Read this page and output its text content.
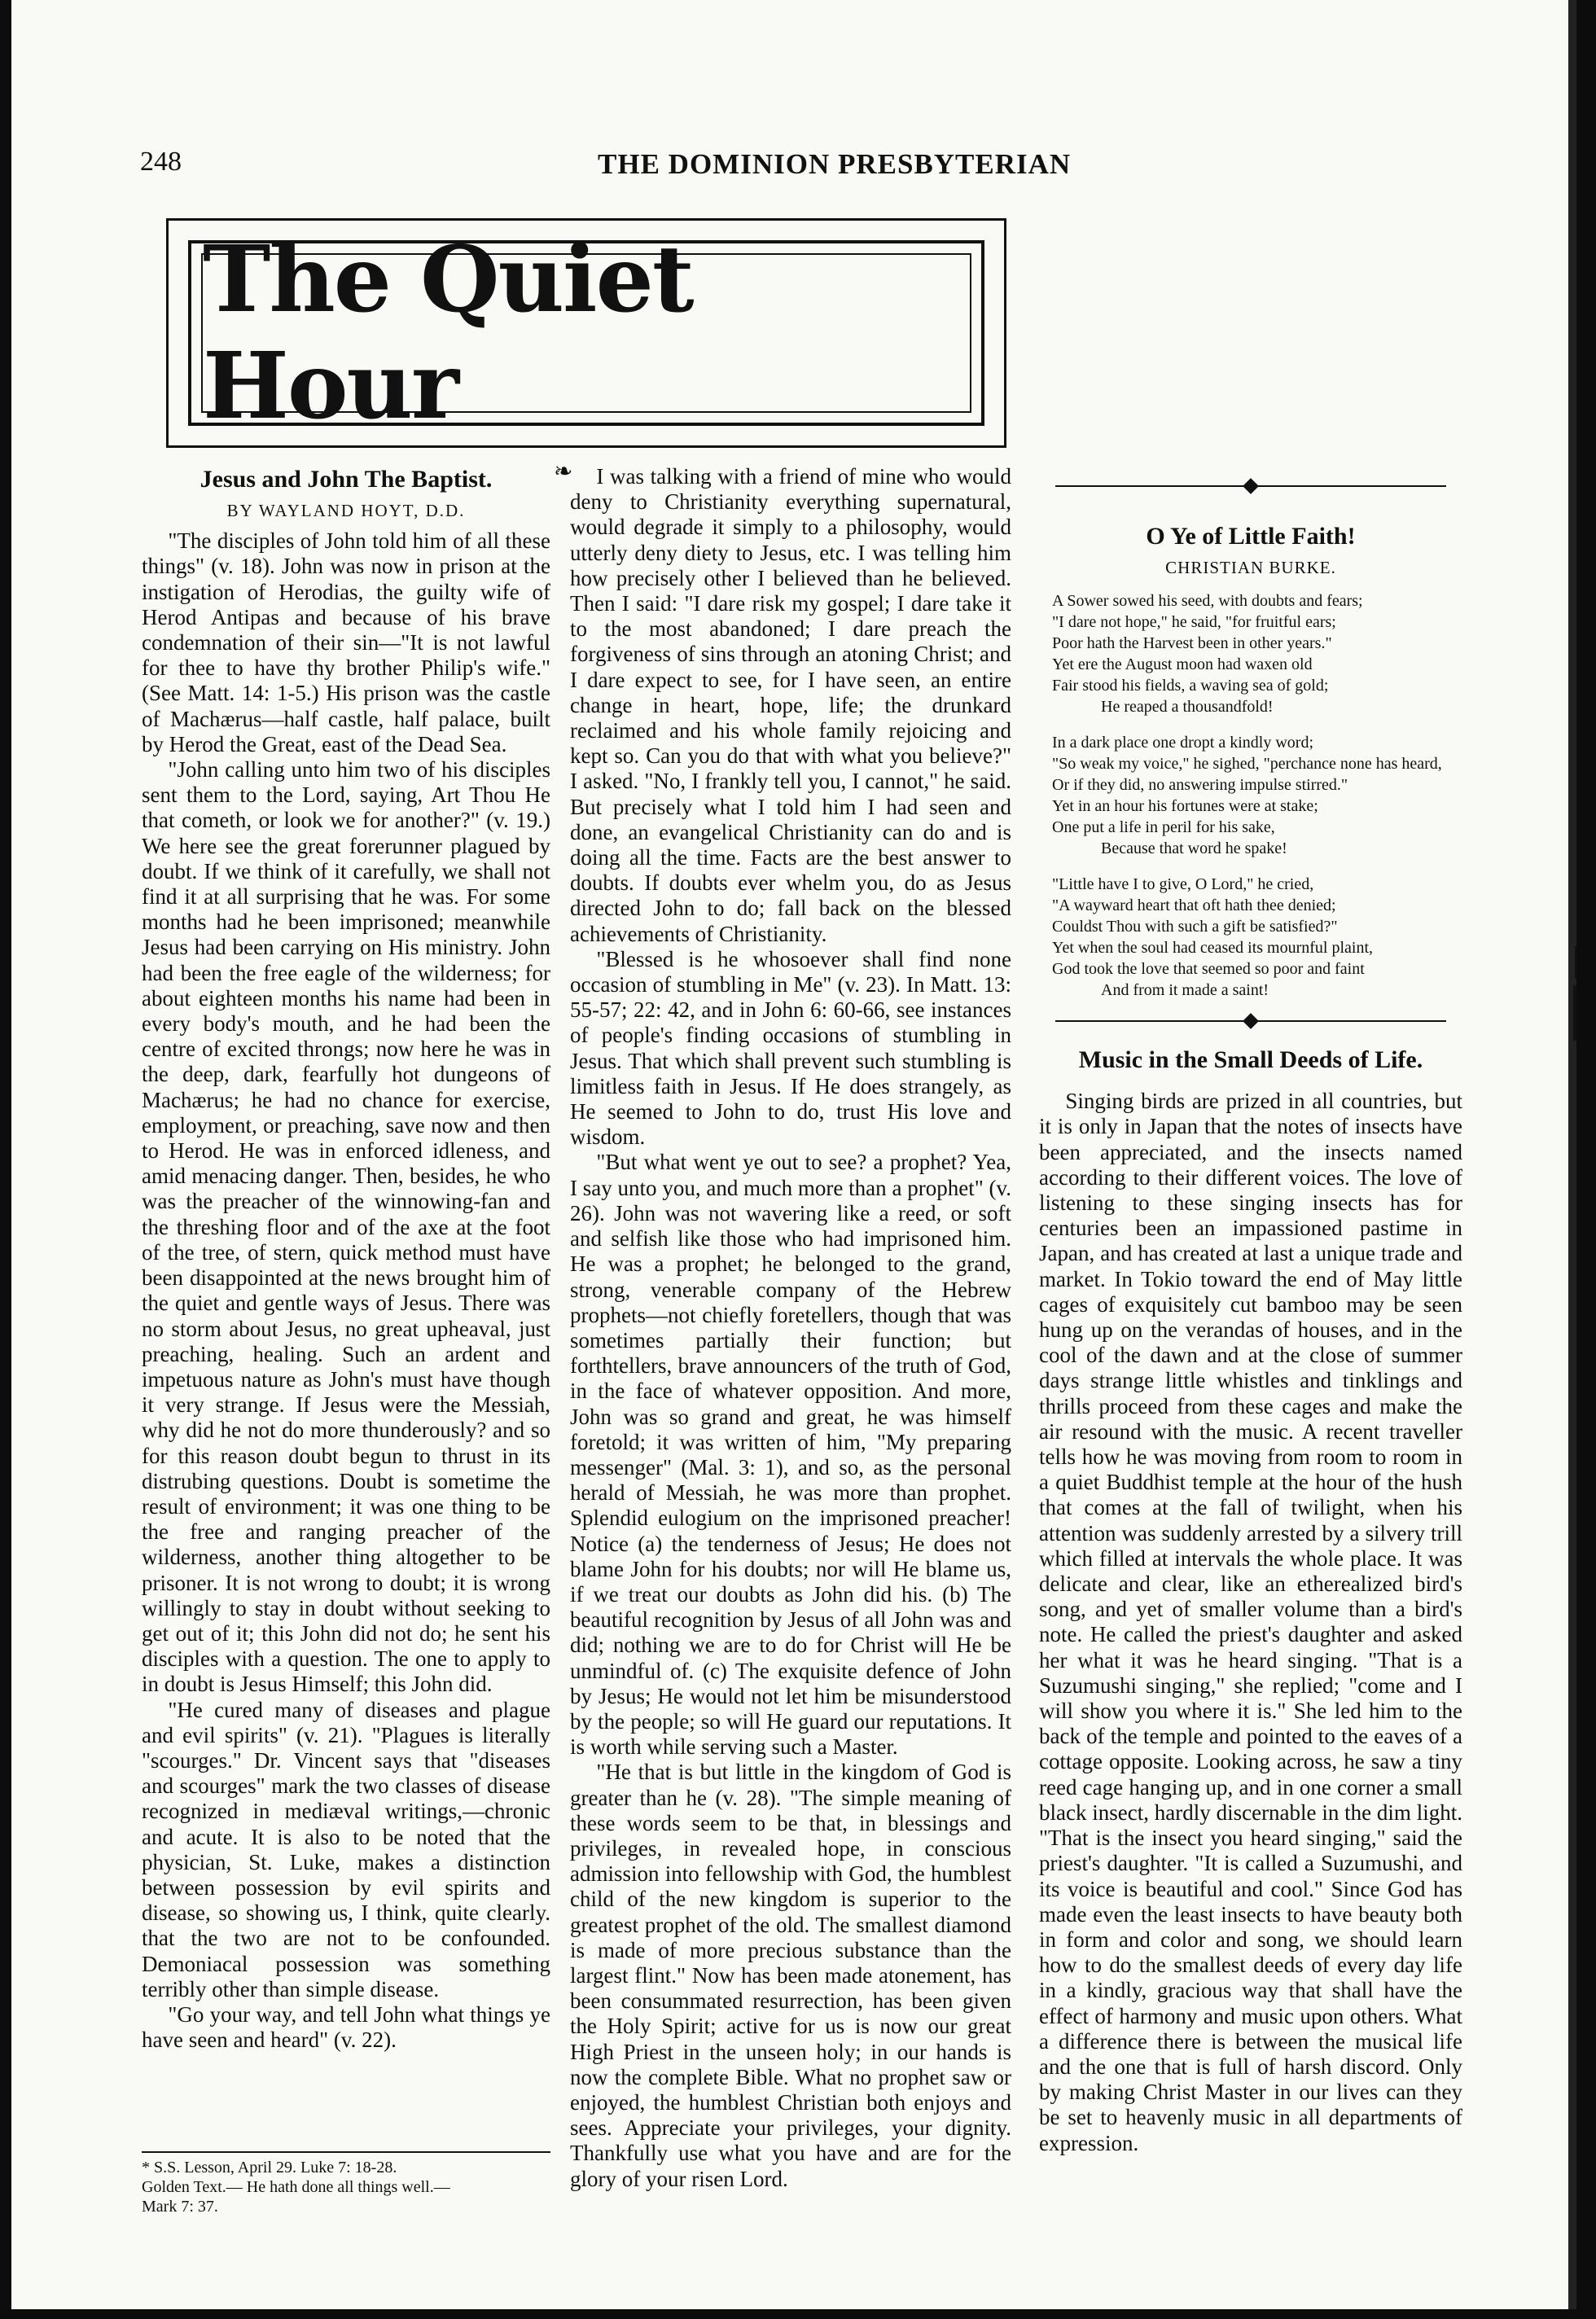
248	THE DOMINION PRESBYTERIAN
The Quiet Hour
❧
Jesus and John The Baptist.
BY WAYLAND HOYT, D.D.

"The disciples of John told him of all these things" (v. 18). John was now in prison at the instigation of Herodias, the guilty wife of Herod Antipas and because of his brave condemnation of their sin—"It is not lawful for thee to have thy brother Philip's wife." (See Matt. 14: 1-5.) His prison was the castle of Machærus—half castle, half palace, built by Herod the Great, east of the Dead Sea.

"John calling unto him two of his disciples sent them to the Lord, saying, Art Thou He that cometh, or look we for another?" (v. 19.) We here see the great forerunner plagued by doubt. If we think of it carefully, we shall not find it at all surprising that he was. For some months had he been imprisoned; meanwhile Jesus had been carrying on His ministry. John had been the free eagle of the wilderness; for about eighteen months his name had been in every body's mouth, and he had been the centre of excited throngs; now here he was in the deep, dark, fearfully hot dungeons of Machærus; he had no chance for exercise, employment, or preaching, save now and then to Herod. He was in enforced idleness, and amid menacing danger. Then, besides, he who was the preacher of the winnowing-fan and the threshing floor and of the axe at the foot of the tree, of stern, quick method must have been disappointed at the news brought him of the quiet and gentle ways of Jesus. There was no storm about Jesus, no great upheaval, just preaching, healing. Such an ardent and impetuous nature as John's must have though it very strange. If Jesus were the Messiah, why did he not do more thunderously? and so for this reason doubt begun to thrust in its distrubing questions. Doubt is sometime the result of environment; it was one thing to be the free and ranging preacher of the wilderness, another thing altogether to be prisoner. It is not wrong to doubt; it is wrong willingly to stay in doubt without seeking to get out of it; this John did not do; he sent his disciples with a question. The one to apply to in doubt is Jesus Himself; this John did.

"He cured many of diseases and plague and evil spirits" (v. 21). "Plagues is literally "scourges." Dr. Vincent says that "diseases and scourges" mark the two classes of disease recognized in mediæval writings,—chronic and acute. It is also to be noted that the physician, St. Luke, makes a distinction between possession by evil spirits and disease, so showing us, I think, quite clearly. that the two are not to be confounded. Demoniacal possession was something terribly other than simple disease.

"Go your way, and tell John what things ye have seen and heard" (v. 22).

* S.S. Lesson, April 29. Luke 7: 18-28.
Golden Text.— He hath done all things well.—
Mark 7: 37.

I was talking with a friend of mine who would deny to Christianity everything supernatural, would degrade it simply to a philosophy, would utterly deny diety to Jesus, etc. I was telling him how precisely other I believed than he believed. Then I said: "I dare risk my gospel; I dare take it to the most abandoned; I dare preach the forgiveness of sins through an atoning Christ; and I dare expect to see, for I have seen, an entire change in heart, hope, life; the drunkard reclaimed and his whole family rejoicing and kept so. Can you do that with what you believe?" I asked. "No, I frankly tell you, I cannot," he said. But precisely what I told him I had seen and done, an evangelical Christianity can do and is doing all the time. Facts are the best answer to doubts. If doubts ever whelm you, do as Jesus directed John to do; fall back on the blessed achievements of Christianity.

"Blessed is he whosoever shall find none occasion of stumbling in Me" (v. 23). In Matt. 13: 55-57; 22: 42, and in John 6: 60-66, see instances of people's finding occasions of stumbling in Jesus. That which shall prevent such stumbling is limitless faith in Jesus. If He does strangely, as He seemed to John to do, trust His love and wisdom.

"But what went ye out to see? a prophet? Yea, I say unto you, and much more than a prophet" (v. 26). John was not wavering like a reed, or soft and selfish like those who had imprisoned him. He was a prophet; he belonged to the grand, strong, venerable company of the Hebrew prophets—not chiefly foretellers, though that was sometimes partially their function; but forthtellers, brave announcers of the truth of God, in the face of whatever opposition. And more, John was so grand and great, he was himself foretold; it was written of him, "My preparing messenger" (Mal. 3: 1), and so, as the personal herald of Messiah, he was more than prophet. Splendid eulogium on the imprisoned preacher! Notice (a) the tenderness of Jesus; He does not blame John for his doubts; nor will He blame us, if we treat our doubts as John did his. (b) The beautiful recognition by Jesus of all John was and did; nothing we are to do for Christ will He be unmindful of. (c) The exquisite defence of John by Jesus; He would not let him be misunderstood by the people; so will He guard our reputations. It is worth while serving such a Master.

"He that is but little in the kingdom of God is greater than he (v. 28). "The simple meaning of these words seem to be that, in blessings and privileges, in revealed hope, in conscious admission into fellowship with God, the humblest child of the new kingdom is superior to the greatest prophet of the old. The smallest diamond is made of more precious substance than the largest flint." Now has been made atonement, has been consummated resurrection, has been given the Holy Spirit; active for us is now our great High Priest in the unseen holy; in our hands is now the complete Bible. What no prophet saw or enjoyed, the humblest Christian both enjoys and sees. Appreciate your privileges, your dignity. Thankfully use what you have and are for the glory of your risen Lord.

O Ye of Little Faith!
CHRISTIAN BURKE.
A Sower sowed his seed, with doubts and fears;
"I dare not hope," he said, "for fruitful ears;
Poor hath the Harvest been in other years."
Yet ere the August moon had waxen old
Fair stood his fields, a waving sea of gold;
He reaped a thousandfold!
In a dark place one dropt a kindly word;
"So weak my voice," he sighed, "perchance none has heard,
Or if they did, no answering impulse stirred."
Yet in an hour his fortunes were at stake;
One put a life in peril for his sake,
Because that word he spake!
"Little have I to give, O Lord," he cried,
"A wayward heart that oft hath thee denied;
Couldst Thou with such a gift be satisfied?"
Yet when the soul had ceased its mournful plaint,
God took the love that seemed so poor and faint
And from it made a saint!
Music in the Small Deeds of Life.

Singing birds are prized in all countries, but it is only in Japan that the notes of insects have been appreciated, and the insects named according to their different voices. The love of listening to these singing insects has for centuries been an impassioned pastime in Japan, and has created at last a unique trade and market. In Tokio toward the end of May little cages of exquisitely cut bamboo may be seen hung up on the verandas of houses, and in the cool of the dawn and at the close of summer days strange little whistles and tinklings and thrills proceed from these cages and make the air resound with the music. A recent traveller tells how he was moving from room to room in a quiet Buddhist temple at the hour of the hush that comes at the fall of twilight, when his attention was suddenly arrested by a silvery trill which filled at intervals the whole place. It was delicate and clear, like an etherealized bird's song, and yet of smaller volume than a bird's note. He called the priest's daughter and asked her what it was he heard singing. "That is a Suzumushi singing," she replied; "come and I will show you where it is." She led him to the back of the temple and pointed to the eaves of a cottage opposite. Looking across, he saw a tiny reed cage hanging up, and in one corner a small black insect, hardly discernable in the dim light. "That is the insect you heard singing," said the priest's daughter. "It is called a Suzumushi, and its voice is beautiful and cool." Since God has made even the least insects to have beauty both in form and color and song, we should learn how to do the smallest deeds of every day life in a kindly, gracious way that shall have the effect of harmony and music upon others. What a difference there is between the musical life and the one that is full of harsh discord. Only by making Christ Master in our lives can they be set to heavenly music in all departments of expression.
